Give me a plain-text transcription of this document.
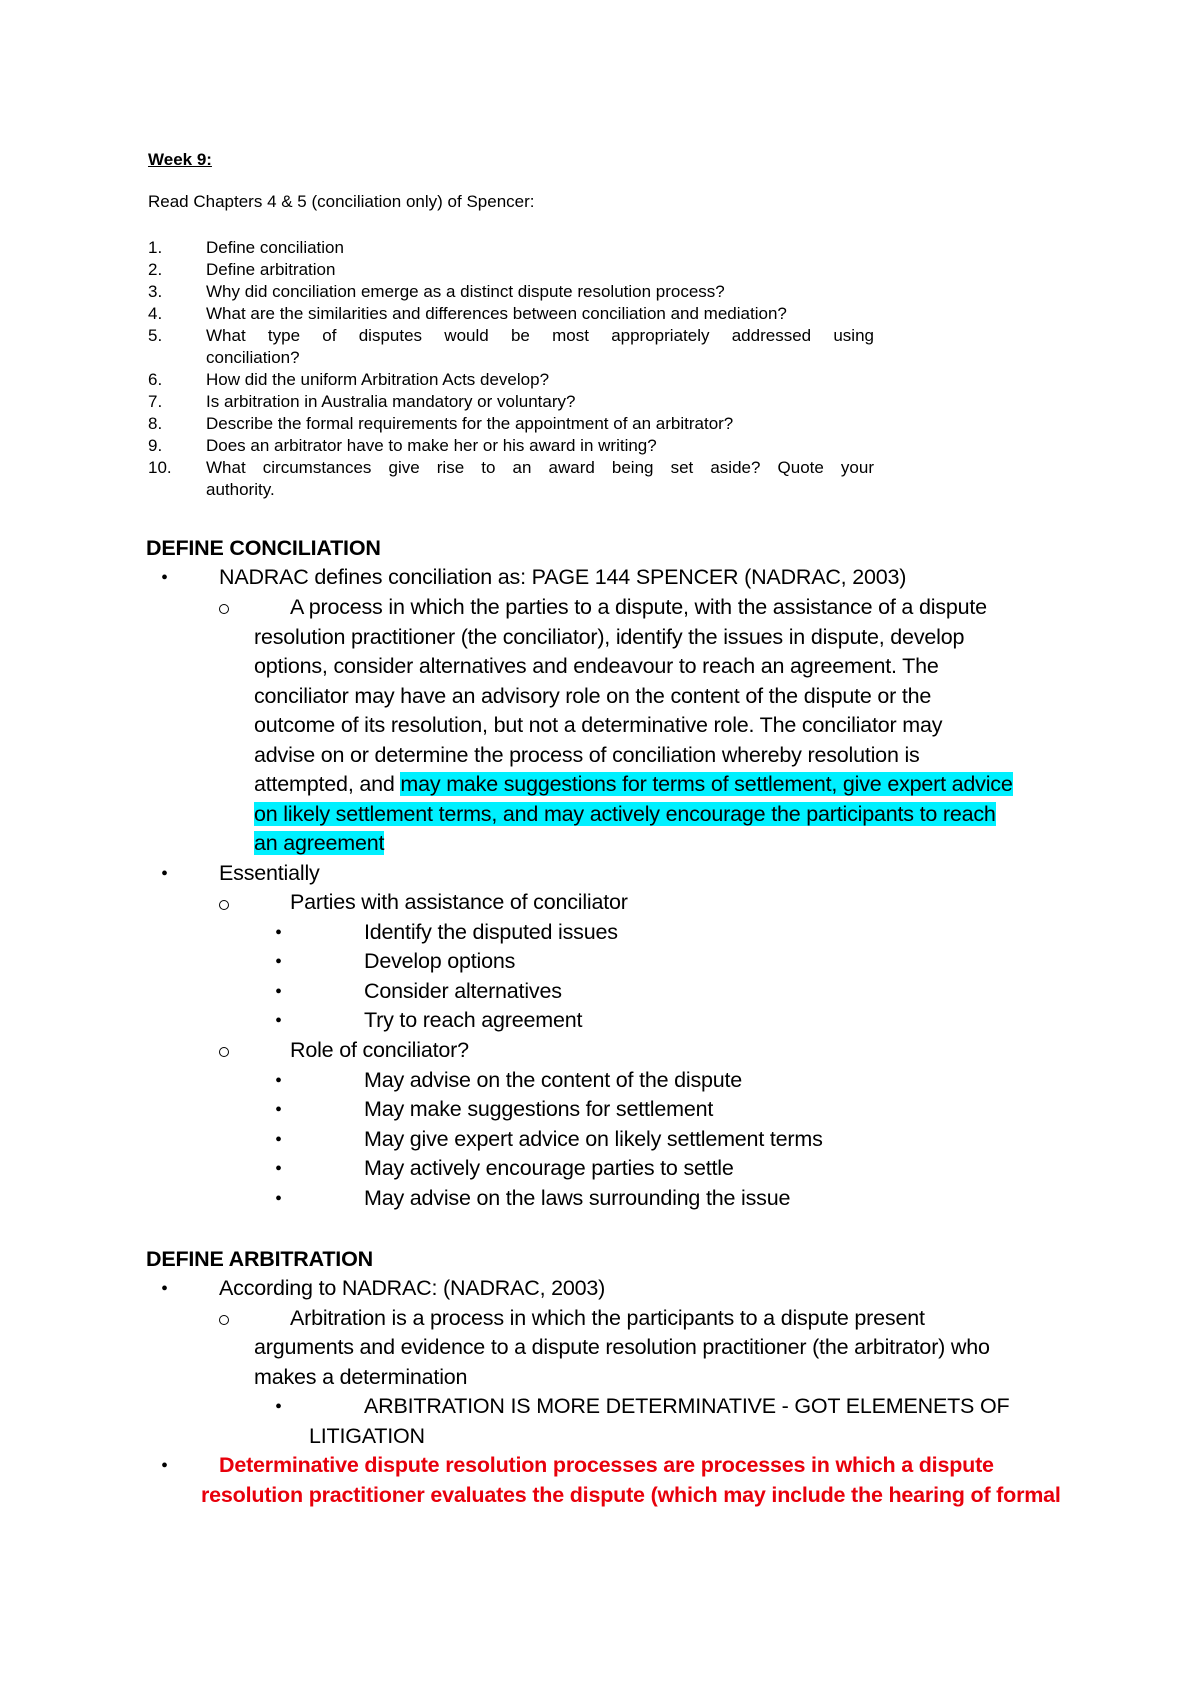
Week 9:
Read Chapters 4 & 5 (conciliation only) of Spencer:
1.	Define conciliation
2.	Define arbitration
3.	Why did conciliation emerge as a distinct dispute resolution process?
4.	What are the similarities and differences between conciliation and mediation?
5.	What type of disputes would be most appropriately addressed using
conciliation?
6.	How did the uniform Arbitration Acts develop?
7.	Is arbitration in Australia mandatory or voluntary?
8.	Describe the formal requirements for the appointment of an arbitrator?
9.	Does an arbitrator have to make her or his award in writing?
10. What circumstances give rise to an award being set aside? Quote your
authority.
DEFINE CONCILIATION
• NADRAC defines conciliation as: PAGE 144 SPENCER (NADRAC, 2003)
A process in which the parties to a dispute, with the assistance of a dispute
resolution practitioner (the conciliator), identify the issues in dispute, develop
options, consider alternatives and endeavour to reach an agreement. The
conciliator may have an advisory role on the content of the dispute or the
outcome of its resolution, but not a determinative role. The conciliator may
advise on or determine the process of conciliation whereby resolution is
attempted, and may make suggestions for terms of settlement, give expert advice
on likely settlement terms, and may actively encourage the participants to reach
an agreement
• Essentially
Parties with assistance of conciliator
•	Identify the disputed issues
•	Develop options
•	Consider alternatives
•	Try to reach agreement
Role of conciliator?
•	May advise on the content of the dispute
•	May make suggestions for settlement
•	May give expert advice on likely settlement terms
•	May actively encourage parties to settle
•	May advise on the laws surrounding the issue
DEFINE ARBITRATION
• According to NADRAC: (NADRAC, 2003)
Arbitration is a process in which the participants to a dispute present
arguments and evidence to a dispute resolution practitioner (the arbitrator) who
makes a determination
•	ARBITRATION IS MORE DETERMINATIVE - GOT ELEMENETS OF
LITIGATION
• Determinative dispute resolution processes are processes in which a dispute
resolution practitioner evaluates the dispute (which may include the hearing of formal
